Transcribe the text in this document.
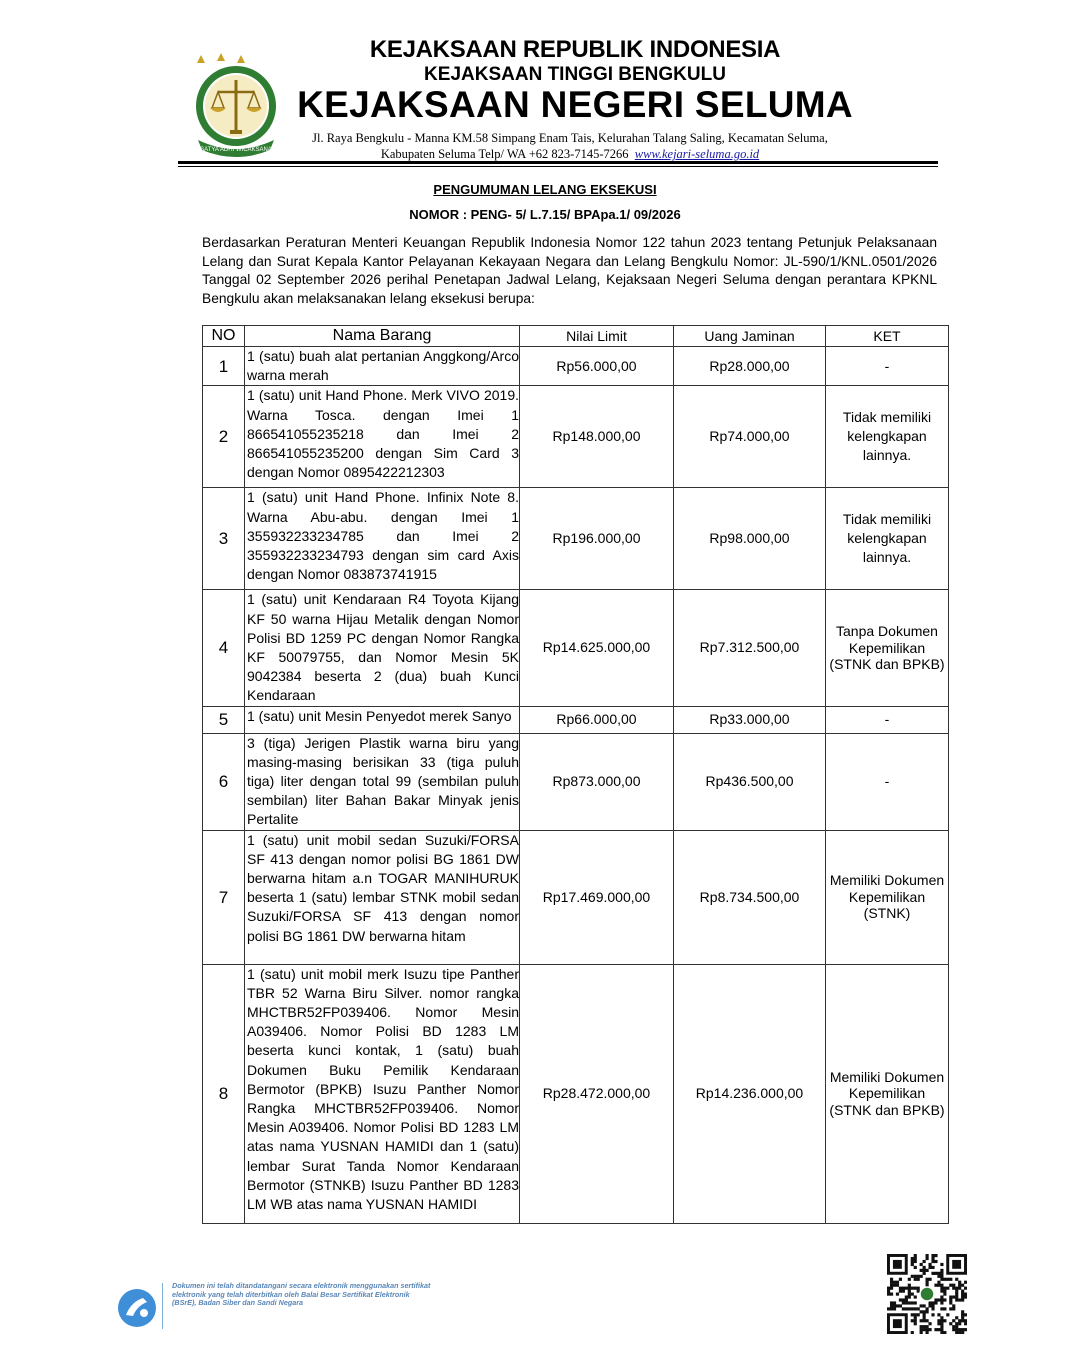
SATYA ADHI WICAKSANA
KEJAKSAAN REPUBLIK INDONESIA
KEJAKSAAN TINGGI BENGKULU
KEJAKSAAN NEGERI SELUMA
Jl. Raya Bengkulu - Manna KM.58 Simpang Enam Tais, Kelurahan Talang Saling, Kecamatan Seluma,
Kabupaten Seluma Telp/ WA +62 823-7145-7266 www.kejari-seluma.go.id
PENGUMUMAN LELANG EKSEKUSI
NOMOR : PENG- 5/ L.7.15/ BPApa.1/ 09/2026
Berdasarkan Peraturan Menteri Keuangan Republik Indonesia Nomor 122 tahun 2023 tentang Petunjuk Pelaksanaan Lelang dan Surat Kepala Kantor Pelayanan Kekayaan Negara dan Lelang Bengkulu Nomor: JL-590/1/KNL.0501/2026 Tanggal 02 September 2026 perihal Penetapan Jadwal Lelang, Kejaksaan Negeri Seluma dengan perantara KPKNL Bengkulu akan melaksanakan lelang eksekusi berupa:
NO	Nama Barang	Nilai Limit	Uang Jaminan	KET
1	1 (satu) buah alat pertanian Anggkong/Arco warna merah	Rp56.000,00	Rp28.000,00	-
2	1 (satu) unit Hand Phone. Merk VIVO 2019. Warna Tosca. dengan Imei 1 866541055235218 dan Imei 2 866541055235200 dengan Sim Card 3 dengan Nomor 0895422212303	Rp148.000,00	Rp74.000,00	Tidak memiliki kelengkapan lainnya.
3	1 (satu) unit Hand Phone. Infinix Note 8. Warna Abu-abu. dengan Imei 1 355932233234785 dan Imei 2 355932233234793 dengan sim card Axis dengan Nomor 083873741915	Rp196.000,00	Rp98.000,00	Tidak memiliki kelengkapan lainnya.
4	1 (satu) unit Kendaraan R4 Toyota Kijang KF 50 warna Hijau Metalik dengan Nomor Polisi BD 1259 PC dengan Nomor Rangka KF 50079755, dan Nomor Mesin 5K 9042384 beserta 2 (dua) buah Kunci Kendaraan	Rp14.625.000,00	Rp7.312.500,00	Tanpa Dokumen Kepemilikan (STNK dan BPKB)
5	1 (satu) unit Mesin Penyedot merek Sanyo	Rp66.000,00	Rp33.000,00	-
6	3 (tiga) Jerigen Plastik warna biru yang masing-masing berisikan 33 (tiga puluh tiga) liter dengan total 99 (sembilan puluh sembilan) liter Bahan Bakar Minyak jenis Pertalite	Rp873.000,00	Rp436.500,00	-
7	1 (satu) unit mobil sedan Suzuki/FORSA SF 413 dengan nomor polisi BG 1861 DW berwarna hitam a.n TOGAR MANIHURUK beserta 1 (satu) lembar STNK mobil sedan Suzuki/FORSA SF 413 dengan nomor polisi BG 1861 DW berwarna hitam	Rp17.469.000,00	Rp8.734.500,00	Memiliki Dokumen Kepemilikan (STNK)
8	1 (satu) unit mobil merk Isuzu tipe Panther TBR 52 Warna Biru Silver. nomor rangka MHCTBR52FP039406. Nomor Mesin A039406. Nomor Polisi BD 1283 LM beserta kunci kontak, 1 (satu) buah Dokumen Buku Pemilik Kendaraan Bermotor (BPKB) Isuzu Panther Nomor Rangka MHCTBR52FP039406. Nomor Mesin A039406. Nomor Polisi BD 1283 LM atas nama YUSNAN HAMIDI dan 1 (satu) lembar Surat Tanda Nomor Kendaraan Bermotor (STNKB) Isuzu Panther BD 1283 LM WB atas nama YUSNAN HAMIDI	Rp28.472.000,00	Rp14.236.000,00	Memiliki Dokumen Kepemilikan (STNK dan BPKB)
Dokumen ini telah ditandatangani secara elektronik menggunakan sertifikat elektronik yang telah diterbitkan oleh Balai Besar Sertifikat Elektronik (BSrE), Badan Siber dan Sandi Negara
